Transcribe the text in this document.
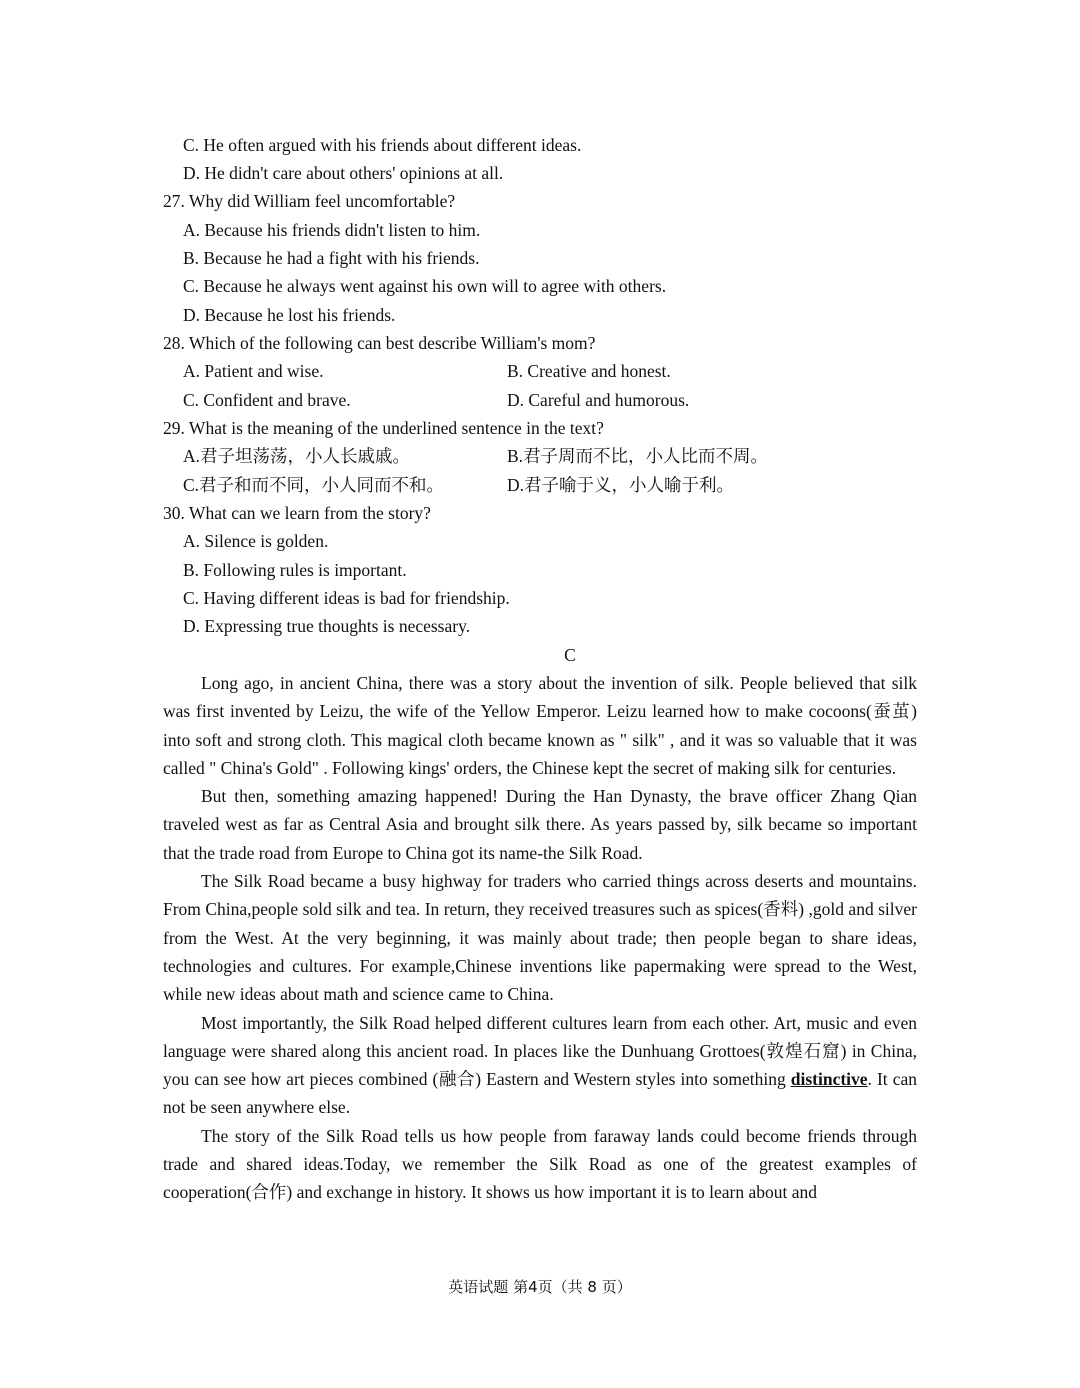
C. He often argued with his friends about different ideas.
D. He didn't care about others' opinions at all.
27. Why did William feel uncomfortable?
A. Because his friends didn't listen to him.
B. Because he had a fight with his friends.
C. Because he always went against his own will to agree with others.
D. Because he lost his friends.
28. Which of the following can best describe William's mom?
A. Patient and wise.	B. Creative and honest.
C. Confident and brave.	D. Careful and humorous.
29. What is the meaning of the underlined sentence in the text?
A.君子坦荡荡，小人长戚戚。	B.君子周而不比，小人比而不周。
C.君子和而不同，小人同而不和。	D.君子喻于义，小人喻于利。
30. What can we learn from the story?
A. Silence is golden.
B. Following rules is important.
C. Having different ideas is bad for friendship.
D. Expressing true thoughts is necessary.
C

Long ago, in ancient China, there was a story about the invention of silk. People believed that silk was first invented by Leizu, the wife of the Yellow Emperor. Leizu learned how to make cocoons(蚕茧) into soft and strong cloth. This magical cloth became known as " silk" , and it was so valuable that it was called " China's Gold" . Following kings' orders, the Chinese kept the secret of making silk for centuries.

But then, something amazing happened! During the Han Dynasty, the brave officer Zhang Qian traveled west as far as Central Asia and brought silk there. As years passed by, silk became so important that the trade road from Europe to China got its name-the Silk Road.

The Silk Road became a busy highway for traders who carried things across deserts and mountains. From China,people sold silk and tea. In return, they received treasures such as spices(香料) ,gold and silver from the West. At the very beginning, it was mainly about trade; then people began to share ideas, technologies and cultures. For example,Chinese inventions like papermaking were spread to the West, while new ideas about math and science came to China.

Most importantly, the Silk Road helped different cultures learn from each other. Art, music and even language were shared along this ancient road. In places like the Dunhuang Grottoes(敦煌石窟) in China, you can see how art pieces combined (融合) Eastern and Western styles into something distinctive. It can not be seen anywhere else.

The story of the Silk Road tells us how people from faraway lands could become friends through trade and shared ideas.Today, we remember the Silk Road as one of the greatest examples of cooperation(合作) and exchange in history. It shows us how important it is to learn about and

英语试题 第4页（共 8 页）
